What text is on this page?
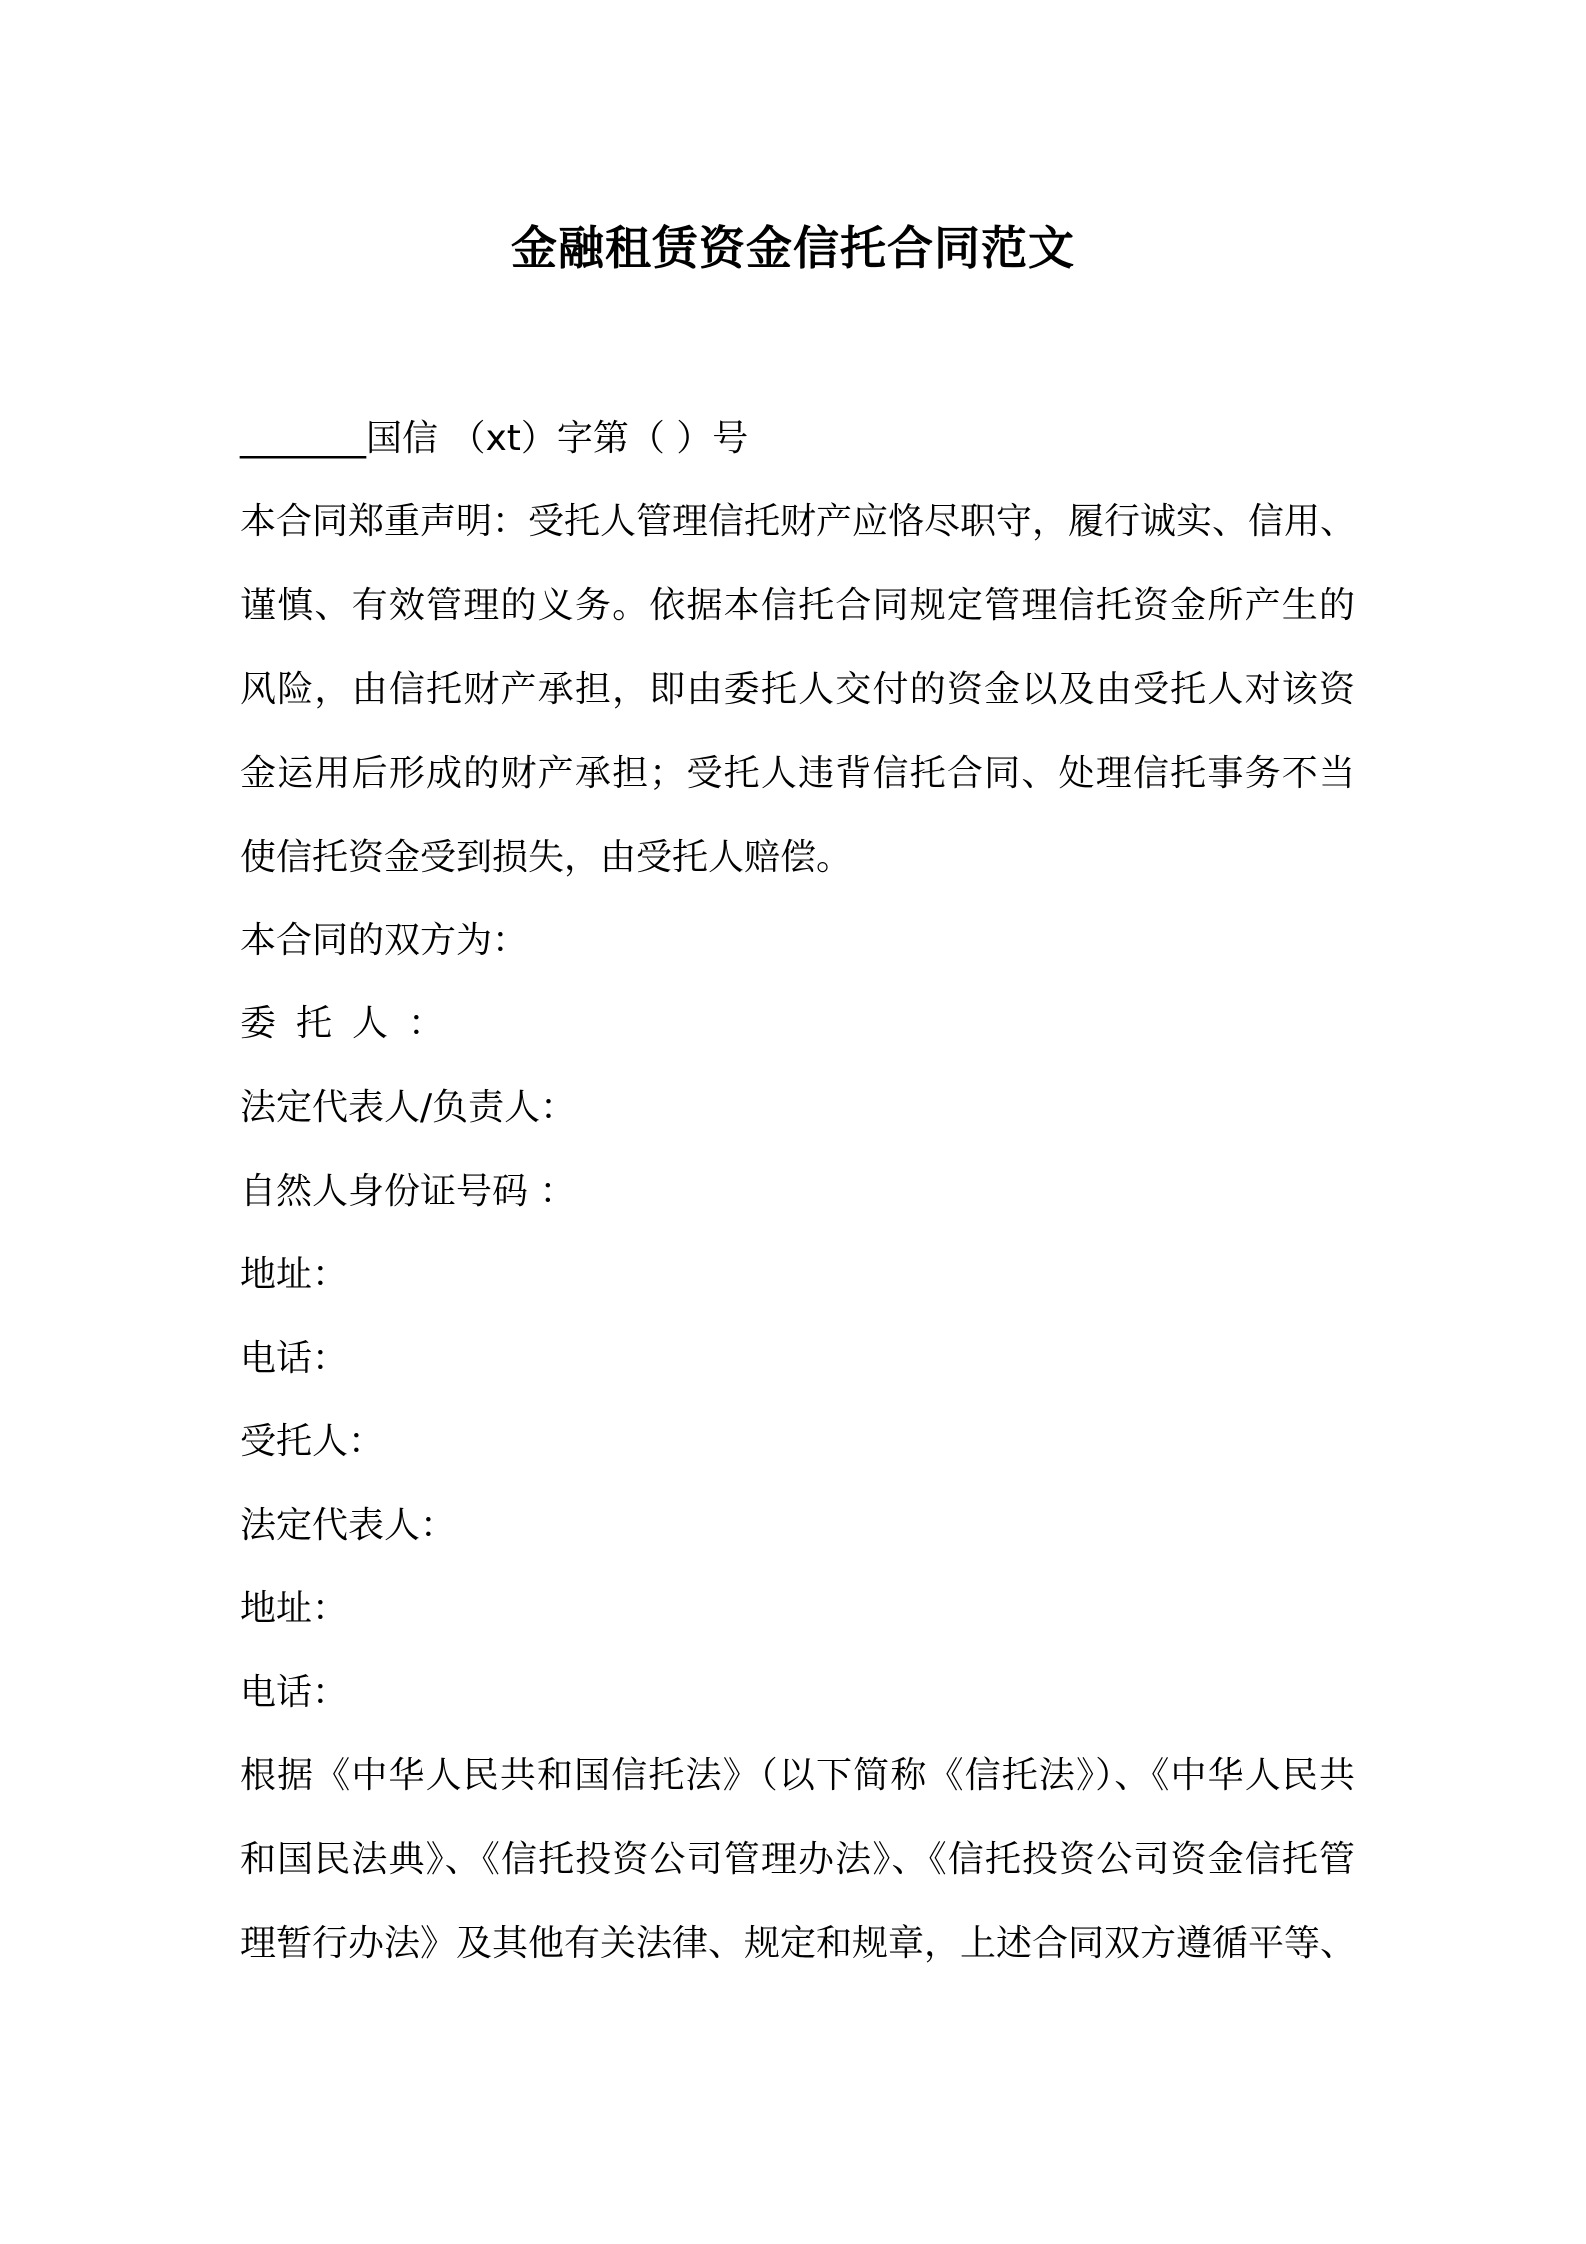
金融租赁资金信托合同范文
_______国信 （xt）字第（ ）号
本合同郑重声明：受托人管理信托财产应恪尽职守，履行诚实、信用、
谨慎、有效管理的义务。依据本信托合同规定管理信托资金所产生的
风险，由信托财产承担，即由委托人交付的资金以及由受托人对该资
金运用后形成的财产承担；受托人违背信托合同、处理信托事务不当
使信托资金受到损失，由受托人赔偿。
本合同的双方为：
委托人：
法定代表人/负责人：
自然人身份证号码 ：
地址：
电话：
受托人：
法定代表人：
地址：
电话：
根据《中华人民共和国信托法》（以下简称《信托法》）、《中华人民共
和国民法典》、《信托投资公司管理办法》、《信托投资公司资金信托管
理暂行办法》及其他有关法律、规定和规章，上述合同双方遵循平等、
